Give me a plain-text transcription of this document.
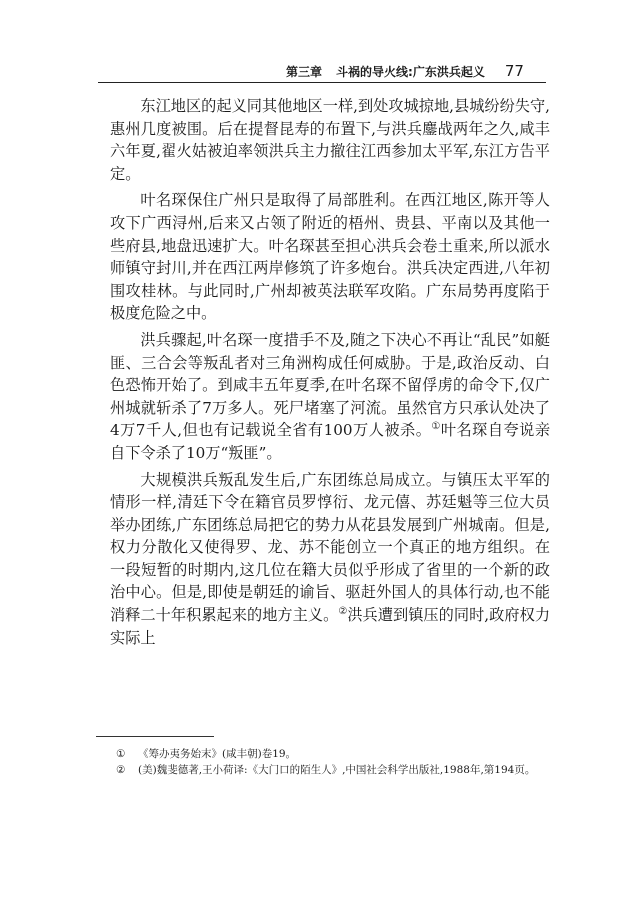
第三章 斗祸的导火线:广东洪兵起义 77

东江地区的起义同其他地区一样,到处攻城掠地,县城纷纷失守,惠州几度被围。后在提督昆寿的布置下,与洪兵鏖战两年之久,咸丰六年夏,翟火姑被迫率领洪兵主力撤往江西参加太平军,东江方告平定。

叶名琛保住广州只是取得了局部胜利。在西江地区,陈开等人攻下广西浔州,后来又占领了附近的梧州、贵县、平南以及其他一些府县,地盘迅速扩大。叶名琛甚至担心洪兵会卷土重来,所以派水师镇守封川,并在西江两岸修筑了许多炮台。洪兵决定西进,八年初围攻桂林。与此同时,广州却被英法联军攻陷。广东局势再度陷于极度危险之中。

洪兵骤起,叶名琛一度措手不及,随之下决心不再让“乱民”如艇匪、三合会等叛乱者对三角洲构成任何威胁。于是,政治反动、白色恐怖开始了。到咸丰五年夏季,在叶名琛不留俘虏的命令下,仅广州城就斩杀了7万多人。死尸堵塞了河流。虽然官方只承认处决了4万7千人,但也有记载说全省有100万人被杀。①叶名琛自夸说亲自下令杀了10万“叛匪”。

大规模洪兵叛乱发生后,广东团练总局成立。与镇压太平军的情形一样,清廷下令在籍官员罗惇衍、龙元僖、苏廷魁等三位大员举办团练,广东团练总局把它的势力从花县发展到广州城南。但是,权力分散化又使得罗、龙、苏不能创立一个真正的地方组织。在一段短暂的时期内,这几位在籍大员似乎形成了省里的一个新的政治中心。但是,即使是朝廷的谕旨、驱赶外国人的具体行动,也不能消释二十年积累起来的地方主义。②洪兵遭到镇压的同时,政府权力实际上

①	《筹办夷务始末》(咸丰朝)卷19。
②	(美)魏斐德著,王小荷译:《大门口的陌生人》,中国社会科学出版社,1988年,第194页。
